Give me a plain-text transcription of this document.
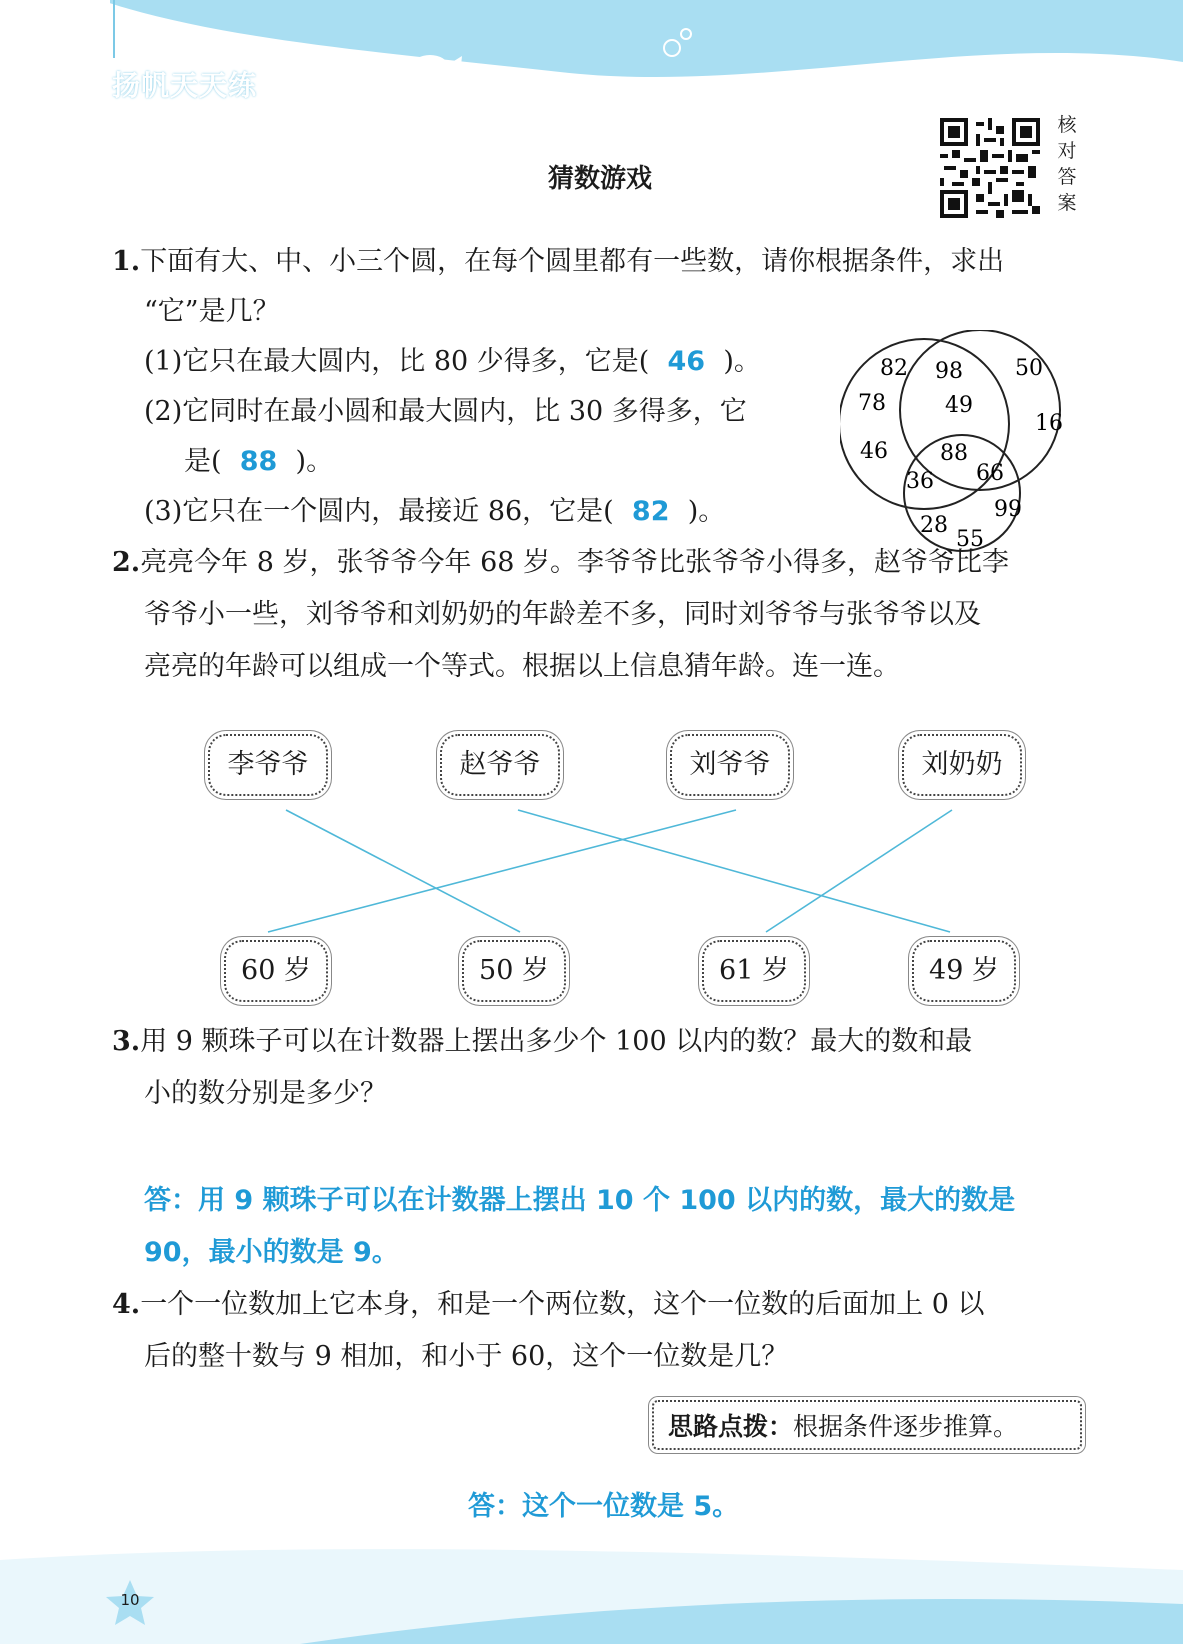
扬帆天天练
猜数游戏
核
对
答
案
1.下面有大、中、小三个圆，在每个圆里都有一些数，请你根据条件，求出
“它”是几？
(1)它只在最大圆内，比 80 少得多，它是( 46 )。
(2)它同时在最小圆和最大圆内，比 30 多得多，它
是( 88 )。
(3)它只在一个圆内，最接近 86，它是( 82 )。
82 98 50
78	49
16
46 88
36 66
99
28
55
2.亮亮今年 8 岁，张爷爷今年 68 岁。李爷爷比张爷爷小得多，赵爷爷比李
爷爷小一些，刘爷爷和刘奶奶的年龄差不多，同时刘爷爷与张爷爷以及
亮亮的年龄可以组成一个等式。根据以上信息猜年龄。连一连。
李爷爷	赵爷爷	刘爷爷	刘奶奶
60 岁	50 岁	61 岁	49 岁
3.用 9 颗珠子可以在计数器上摆出多少个 100 以内的数？最大的数和最
小的数分别是多少？
答：用 9 颗珠子可以在计数器上摆出 10 个 100 以内的数，最大的数是
90，最小的数是 9。
4.一个一位数加上它本身，和是一个两位数，这个一位数的后面加上 0 以
后的整十数与 9 相加，和小于 60，这个一位数是几？
思路点拨：根据条件逐步推算。
答：这个一位数是 5。
10
